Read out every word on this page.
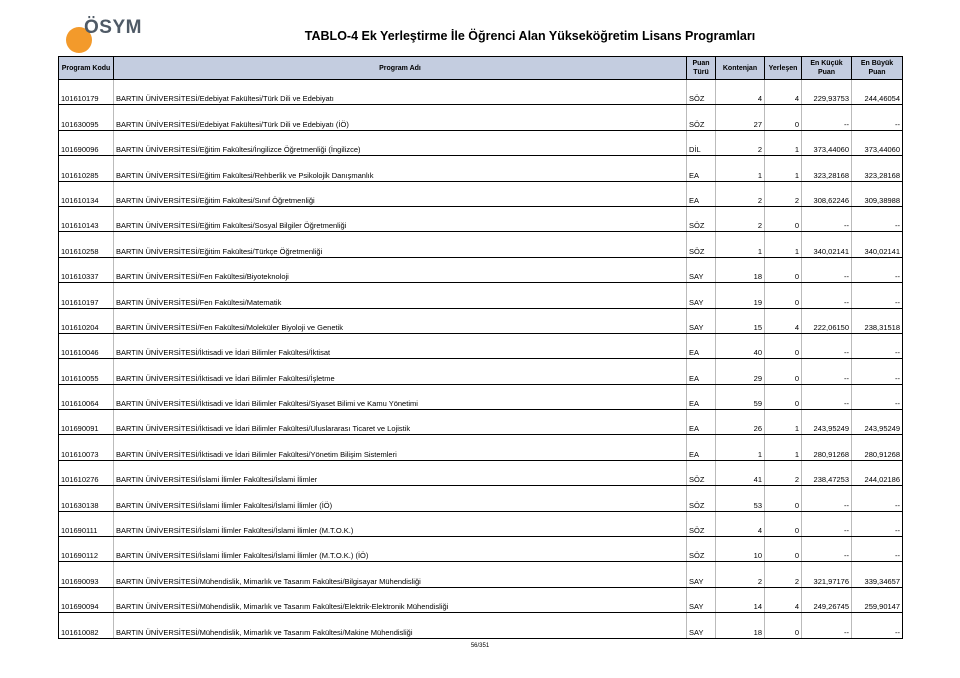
ÖSYM	TABLO-4 Ek Yerleştirme İle Öğrenci Alan Yükseköğretim Lisans Programları
Program Kodu	Program Adı	Puan Türü	Kontenjan	Yerleşen	En Küçük Puan	En Büyük Puan
101610179	BARTIN ÜNİVERSİTESİ/Edebiyat Fakültesi/Türk Dili ve Edebiyatı	SÖZ	4	4	229,93753	244,46054
101630095	BARTIN ÜNİVERSİTESİ/Edebiyat Fakültesi/Türk Dili ve Edebiyatı (İÖ)	SÖZ	27	0	--	--
101690096	BARTIN ÜNİVERSİTESİ/Eğitim Fakültesi/İngilizce Öğretmenliği (İngilizce)	DİL	2	1	373,44060	373,44060
101610285	BARTIN ÜNİVERSİTESİ/Eğitim Fakültesi/Rehberlik ve Psikolojik Danışmanlık	EA	1	1	323,28168	323,28168
101610134	BARTIN ÜNİVERSİTESİ/Eğitim Fakültesi/Sınıf Öğretmenliği	EA	2	2	308,62246	309,38988
101610143	BARTIN ÜNİVERSİTESİ/Eğitim Fakültesi/Sosyal Bilgiler Öğretmenliği	SÖZ	2	0	--	--
101610258	BARTIN ÜNİVERSİTESİ/Eğitim Fakültesi/Türkçe Öğretmenliği	SÖZ	1	1	340,02141	340,02141
101610337	BARTIN ÜNİVERSİTESİ/Fen Fakültesi/Biyoteknoloji	SAY	18	0	--	--
101610197	BARTIN ÜNİVERSİTESİ/Fen Fakültesi/Matematik	SAY	19	0	--	--
101610204	BARTIN ÜNİVERSİTESİ/Fen Fakültesi/Moleküler Biyoloji ve Genetik	SAY	15	4	222,06150	238,31518
101610046	BARTIN ÜNİVERSİTESİ/İktisadi ve İdari Bilimler Fakültesi/İktisat	EA	40	0	--	--
101610055	BARTIN ÜNİVERSİTESİ/İktisadi ve İdari Bilimler Fakültesi/İşletme	EA	29	0	--	--
101610064	BARTIN ÜNİVERSİTESİ/İktisadi ve İdari Bilimler Fakültesi/Siyaset Bilimi ve Kamu Yönetimi	EA	59	0	--	--
101690091	BARTIN ÜNİVERSİTESİ/İktisadi ve İdari Bilimler Fakültesi/Uluslararası Ticaret ve Lojistik	EA	26	1	243,95249	243,95249
101610073	BARTIN ÜNİVERSİTESİ/İktisadi ve İdari Bilimler Fakültesi/Yönetim Bilişim Sistemleri	EA	1	1	280,91268	280,91268
101610276	BARTIN ÜNİVERSİTESİ/İslami İlimler Fakültesi/İslami İlimler	SÖZ	41	2	238,47253	244,02186
101630138	BARTIN ÜNİVERSİTESİ/İslami İlimler Fakültesi/İslami İlimler (İÖ)	SÖZ	53	0	--	--
101690111	BARTIN ÜNİVERSİTESİ/İslami İlimler Fakültesi/İslami İlimler (M.T.O.K.)	SÖZ	4	0	--	--
101690112	BARTIN ÜNİVERSİTESİ/İslami İlimler Fakültesi/İslami İlimler (M.T.O.K.) (İÖ)	SÖZ	10	0	--	--
101690093	BARTIN ÜNİVERSİTESİ/Mühendislik, Mimarlık ve Tasarım Fakültesi/Bilgisayar Mühendisliği	SAY	2	2	321,97176	339,34657
101690094	BARTIN ÜNİVERSİTESİ/Mühendislik, Mimarlık ve Tasarım Fakültesi/Elektrik-Elektronik Mühendisliği	SAY	14	4	249,26745	259,90147
101610082	BARTIN ÜNİVERSİTESİ/Mühendislik, Mimarlık ve Tasarım Fakültesi/Makine Mühendisliği	SAY	18	0	--	--
56/351
